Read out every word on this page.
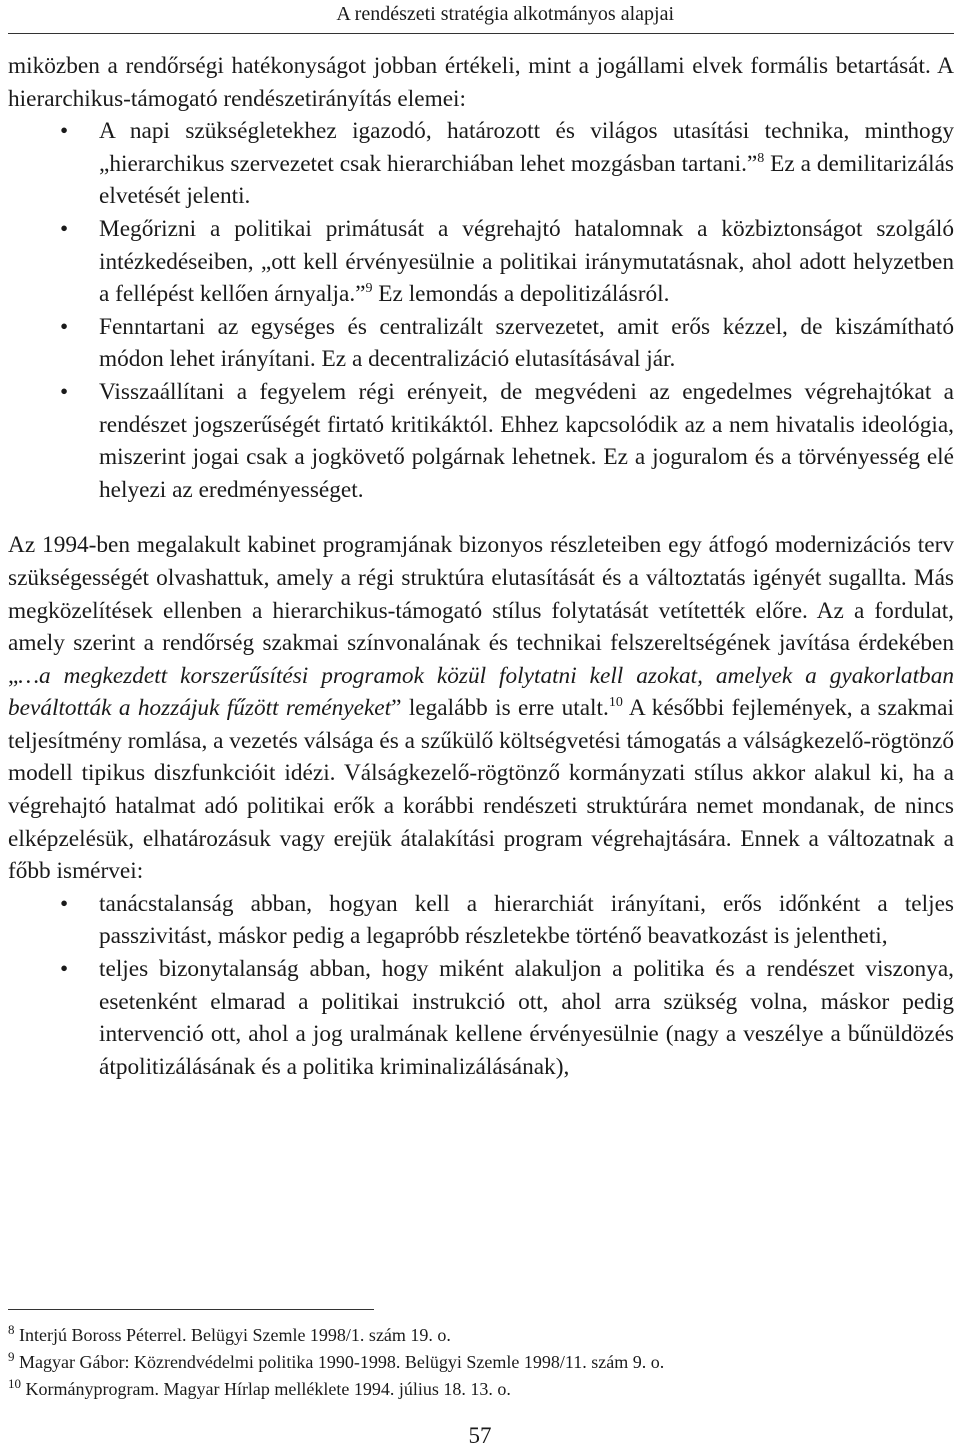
A rendészeti stratégia alkotmányos alapjai
miközben a rendőrségi hatékonyságot jobban értékeli, mint a jogállami elvek formális betartását. A hierarchikus-támogató rendészetirányítás elemei:
• A napi szükségletekhez igazodó, határozott és világos utasítási technika, minthogy „hierarchikus szervezetet csak hierarchiában lehet mozgásban tartani.”$^8$ Ez a demilitarizálás elvetését jelenti.
• Megőrizni a politikai primátusát a végrehajtó hatalomnak a közbiztonságot szolgáló intézkedéseiben, „ott kell érvényesülnie a politikai iránymutatásnak, ahol adott helyzetben a fellépést kellően árnyalja.”$^9$ Ez lemondás a depolitizálásról.
• Fenntartani az egységes és centralizált szervezetet, amit erős kézzel, de kiszámítható módon lehet irányítani. Ez a decentralizáció elutasításával jár.
• Visszaállítani a fegyelem régi erényeit, de megvédeni az engedelmes végrehajtókat a rendészet jogszerűségét firtató kritikáktól. Ehhez kapcsolódik az a nem hivatalis ideológia, miszerint jogai csak a jogkövető polgárnak lehetnek. Ez a joguralom és a törvényesség elé helyezi az eredményességet.
Az 1994-ben megalakult kabinet programjának bizonyos részleteiben egy átfogó modernizációs terv szükségességét olvashattuk, amely a régi struktúra elutasítását és a változtatás igényét sugallta. Más megközelítések ellenben a hierarchikus-támogató stílus folytatását vetítették előre. Az a fordulat, amely szerint a rendőrség szakmai színvonalának és technikai felszereltségének javítása érdekében „…a megkezdett korszerűsítési programok közül folytatni kell azokat, amelyek a gyakorlatban beváltották a hozzájuk fűzött reményeket” legalább is erre utalt.$^{10}$ A későbbi fejlemények, a szakmai teljesítmény romlása, a vezetés válsága és a szűkülő költségvetési támogatás a válságkezelő-rögtönző modell tipikus diszfunkcióit idézi. Válságkezelő-rögtönző kormányzati stílus akkor alakul ki, ha a végrehajtó hatalmat adó politikai erők a korábbi rendészeti struktúrára nemet mondanak, de nincs elképzelésük, elhatározásuk vagy erejük átalakítási program végrehajtására. Ennek a változatnak a főbb ismérvei:
• tanácstalanság abban, hogyan kell a hierarchiát irányítani, erős időnként a teljes passzivitást, máskor pedig a legapróbb részletekbe történő beavatkozást is jelentheti,
• teljes bizonytalanság abban, hogy miként alakuljon a politika és a rendészet viszonya, esetenként elmarad a politikai instrukció ott, ahol arra szükség volna, máskor pedig intervenció ott, ahol a jog uralmának kellene érvényesülnie (nagy a veszélye a bűnüldözés átpolitizálásának és a politika kriminalizálásának),
$^8$ Interjú Boross Péterrel. Belügyi Szemle 1998/1. szám 19. o.
$^9$ Magyar Gábor: Közrendvédelmi politika 1990-1998. Belügyi Szemle 1998/11. szám 9. o.
$^{10}$ Kormányprogram. Magyar Hírlap melléklete 1994. július 18. 13. o.
57
